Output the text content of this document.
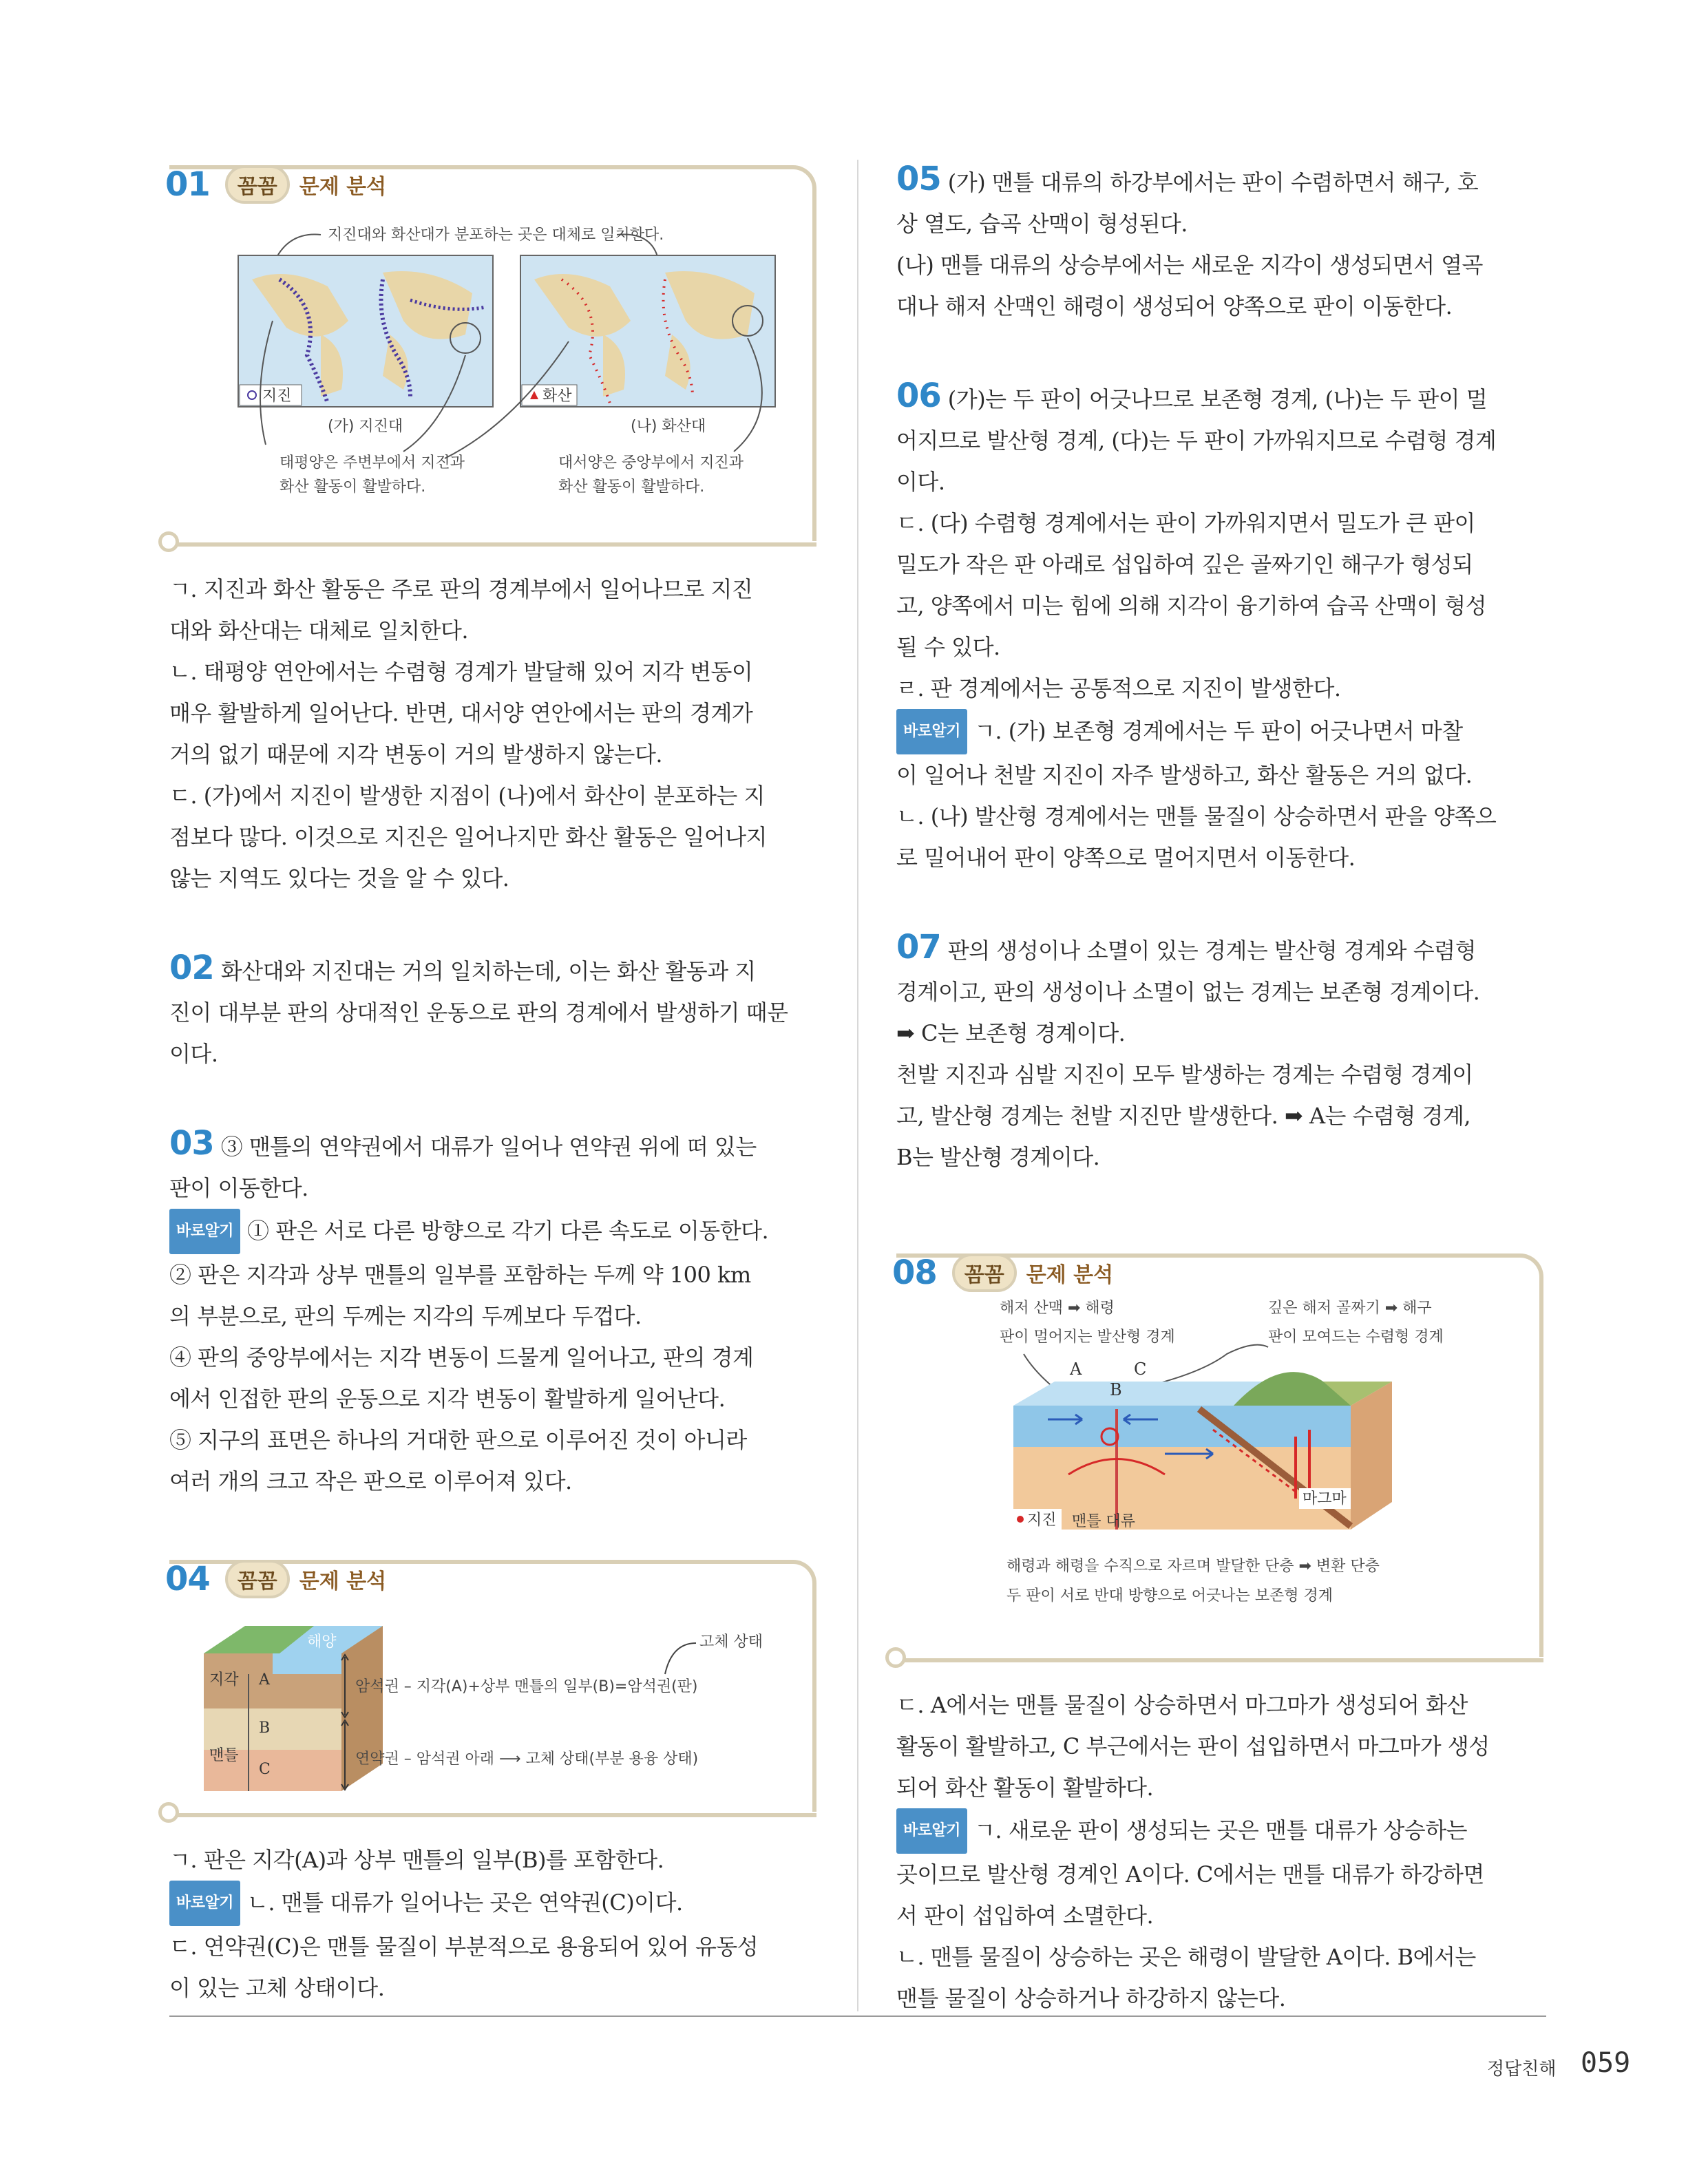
01	꼼꼼	문제 분석
지진대와 화산대가 분포하는 곳은 대체로 일치한다.
지진	화산
(가) 지진대	(나) 화산대
태평양은 주변부에서 지진과
화산 활동이 활발하다.
대서양은 중앙부에서 지진과
화산 활동이 활발하다.

ㄱ. 지진과 화산 활동은 주로 판의 경계부에서 일어나므로 지진

대와 화산대는 대체로 일치한다.

ㄴ. 태평양 연안에서는 수렴형 경계가 발달해 있어 지각 변동이

매우 활발하게 일어난다. 반면, 대서양 연안에서는 판의 경계가

거의 없기 때문에 지각 변동이 거의 발생하지 않는다.

ㄷ. (가)에서 지진이 발생한 지점이 (나)에서 화산이 분포하는 지

점보다 많다. 이것으로 지진은 일어나지만 화산 활동은 일어나지

않는 지역도 있다는 것을 알 수 있다.

02 화산대와 지진대는 거의 일치하는데, 이는 화산 활동과 지

진이 대부분 판의 상대적인 운동으로 판의 경계에서 발생하기 때문

이다.

03 ③ 맨틀의 연약권에서 대류가 일어나 연약권 위에 떠 있는

판이 이동한다.

바로알기 ① 판은 서로 다른 방향으로 각기 다른 속도로 이동한다.

② 판은 지각과 상부 맨틀의 일부를 포함하는 두께 약 100 km

의 부분으로, 판의 두께는 지각의 두께보다 두껍다.

④ 판의 중앙부에서는 지각 변동이 드물게 일어나고, 판의 경계

에서 인접한 판의 운동으로 지각 변동이 활발하게 일어난다.

⑤ 지구의 표면은 하나의 거대한 판으로 이루어진 것이 아니라

여러 개의 크고 작은 판으로 이루어져 있다.

04	꼼꼼	문제 분석
해양
지각
맨틀
A
B
C
고체 상태
암석권 – 지각(A)+상부 맨틀의 일부(B)=암석권(판)
연약권 – 암석권 아래 ⟶ 고체 상태(부분 용융 상태)

ㄱ. 판은 지각(A)과 상부 맨틀의 일부(B)를 포함한다.

바로알기 ㄴ. 맨틀 대류가 일어나는 곳은 연약권(C)이다.

ㄷ. 연약권(C)은 맨틀 물질이 부분적으로 용융되어 있어 유동성

이 있는 고체 상태이다.

05 (가) 맨틀 대류의 하강부에서는 판이 수렴하면서 해구, 호

상 열도, 습곡 산맥이 형성된다.

(나) 맨틀 대류의 상승부에서는 새로운 지각이 생성되면서 열곡

대나 해저 산맥인 해령이 생성되어 양쪽으로 판이 이동한다.

06 (가)는 두 판이 어긋나므로 보존형 경계, (나)는 두 판이 멀

어지므로 발산형 경계, (다)는 두 판이 가까워지므로 수렴형 경계

이다.

ㄷ. (다) 수렴형 경계에서는 판이 가까워지면서 밀도가 큰 판이

밀도가 작은 판 아래로 섭입하여 깊은 골짜기인 해구가 형성되

고, 양쪽에서 미는 힘에 의해 지각이 융기하여 습곡 산맥이 형성

될 수 있다.

ㄹ. 판 경계에서는 공통적으로 지진이 발생한다.

바로알기 ㄱ. (가) 보존형 경계에서는 두 판이 어긋나면서 마찰

이 일어나 천발 지진이 자주 발생하고, 화산 활동은 거의 없다.

ㄴ. (나) 발산형 경계에서는 맨틀 물질이 상승하면서 판을 양쪽으

로 밀어내어 판이 양쪽으로 멀어지면서 이동한다.

07 판의 생성이나 소멸이 있는 경계는 발산형 경계와 수렴형

경계이고, 판의 생성이나 소멸이 없는 경계는 보존형 경계이다.

➡ C는 보존형 경계이다.

천발 지진과 심발 지진이 모두 발생하는 경계는 수렴형 경계이

고, 발산형 경계는 천발 지진만 발생한다. ➡ A는 수렴형 경계,

B는 발산형 경계이다.

08	꼼꼼	문제 분석
해저 산맥 ➡ 해령
판이 멀어지는 발산형 경계
깊은 해저 골짜기 ➡ 해구
판이 모여드는 수렴형 경계
A
B
C
지진 맨틀 대류
마그마
해령과 해령을 수직으로 자르며 발달한 단층 ➡ 변환 단층
두 판이 서로 반대 방향으로 어긋나는 보존형 경계

ㄷ. A에서는 맨틀 물질이 상승하면서 마그마가 생성되어 화산

활동이 활발하고, C 부근에서는 판이 섭입하면서 마그마가 생성

되어 화산 활동이 활발하다.

바로알기 ㄱ. 새로운 판이 생성되는 곳은 맨틀 대류가 상승하는

곳이므로 발산형 경계인 A이다. C에서는 맨틀 대류가 하강하면

서 판이 섭입하여 소멸한다.

ㄴ. 맨틀 물질이 상승하는 곳은 해령이 발달한 A이다. B에서는

맨틀 물질이 상승하거나 하강하지 않는다.

정답친해 059
